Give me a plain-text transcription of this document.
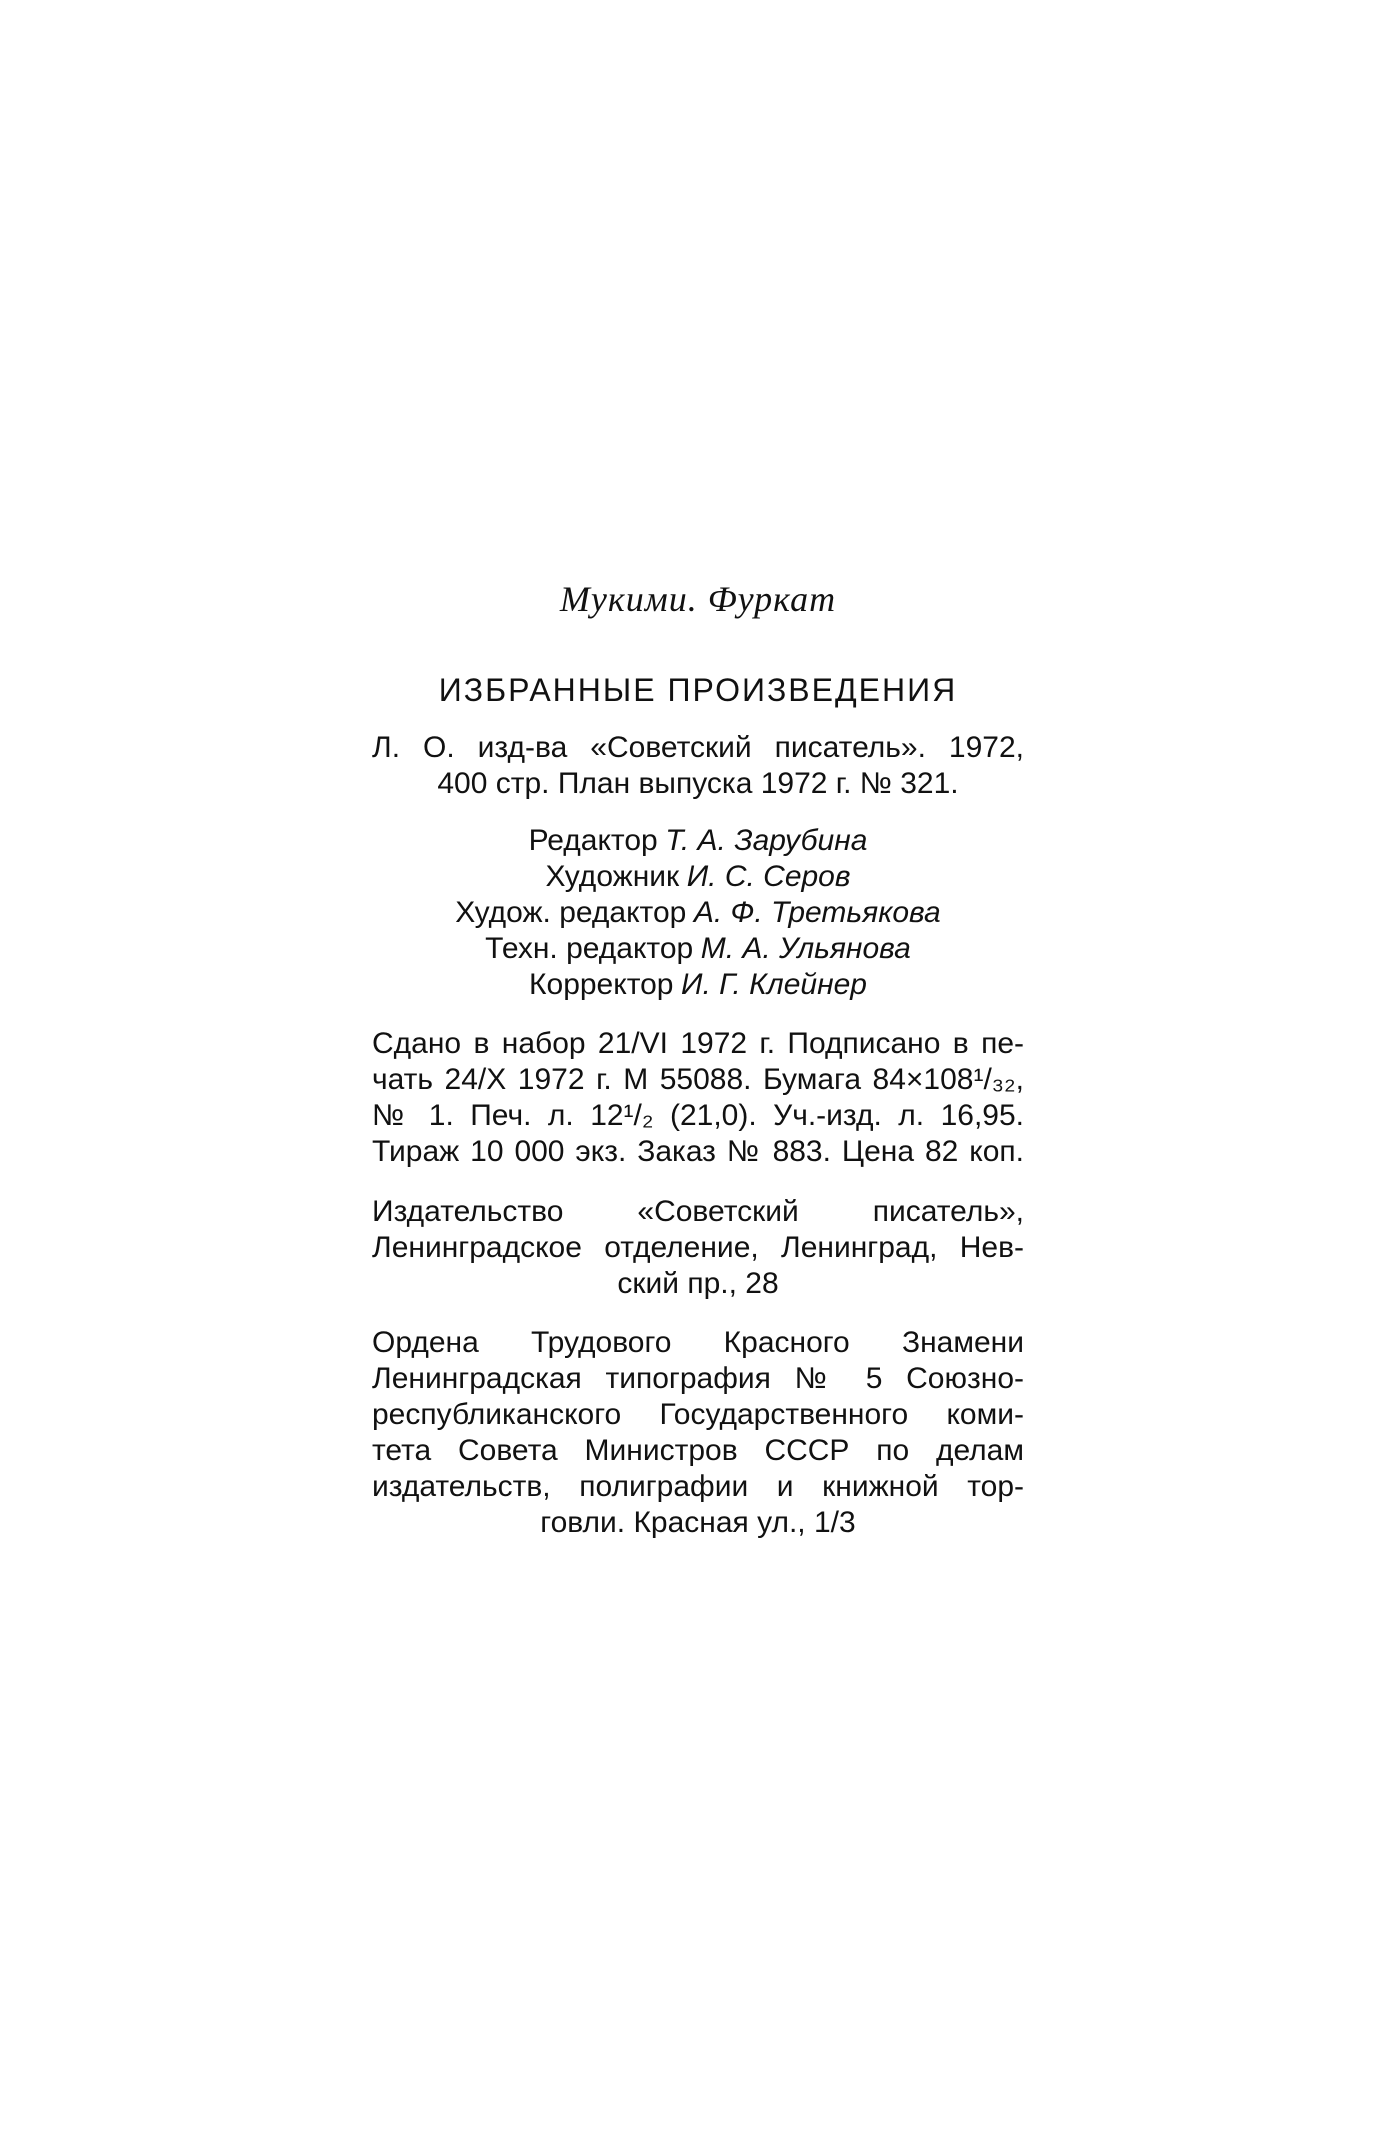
Мукими. Фуркат
ИЗБРАННЫЕ ПРОИЗВЕДЕНИЯ
Л. О. изд-ва «Советский писатель». 1972,
400 стр. План выпуска 1972 г. № 321.
Редактор Т. А. Зарубина
Художник И. С. Серов
Худож. редактор А. Ф. Третьякова
Техн. редактор М. А. Ульянова
Корректор И. Г. Клейнер
Сдано в набор 21/VI 1972 г. Подписано в пе-
чать 24/X 1972 г. М 55088. Бумага 84×108¹/₃₂,
№ 1. Печ. л. 12¹/₂ (21,0). Уч.-изд. л. 16,95.
Тираж 10 000 экз. Заказ № 883. Цена 82 коп.
Издательство «Советский писатель»,
Ленинградское отделение, Ленинград, Нев-
ский пр., 28
Ордена Трудового Красного Знамени
Ленинградская типография № 5 Союзно-
республиканского Государственного коми-
тета Совета Министров СССР по делам
издательств, полиграфии и книжной тор-
говли. Красная ул., 1/3
